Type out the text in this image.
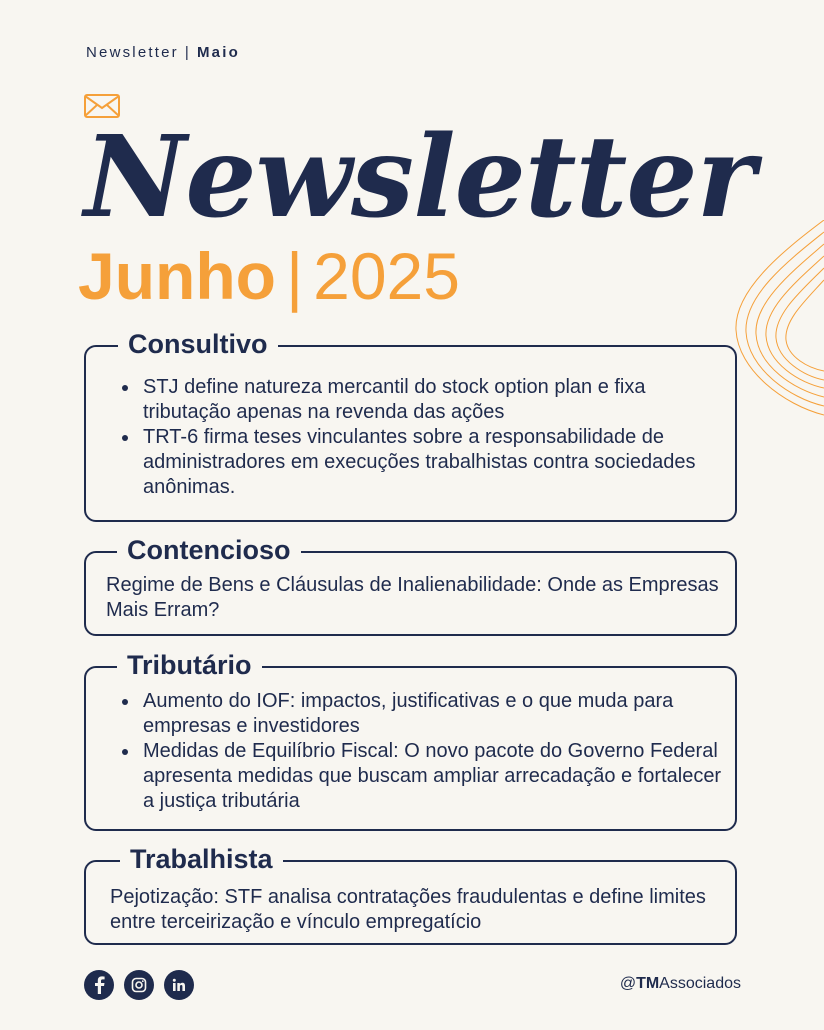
Newsletter | Maio
Newsletter
Junho | 2025
Consultivo
STJ define natureza mercantil do stock option plan e fixa tributação apenas na revenda das ações
TRT-6 firma teses vinculantes sobre a responsabilidade de administradores em execuções trabalhistas contra sociedades anônimas.
Contencioso

Regime de Bens e Cláusulas de Inalienabilidade: Onde as Empresas Mais Erram?

Tributário
Aumento do IOF: impactos, justificativas e o que muda para empresas e investidores
Medidas de Equilíbrio Fiscal: O novo pacote do Governo Federal apresenta medidas que buscam ampliar arrecadação e fortalecer a justiça tributária
Trabalhista

Pejotização: STF analisa contratações fraudulentas e define limites entre terceirização e vínculo empregatício

@TMAssociados
